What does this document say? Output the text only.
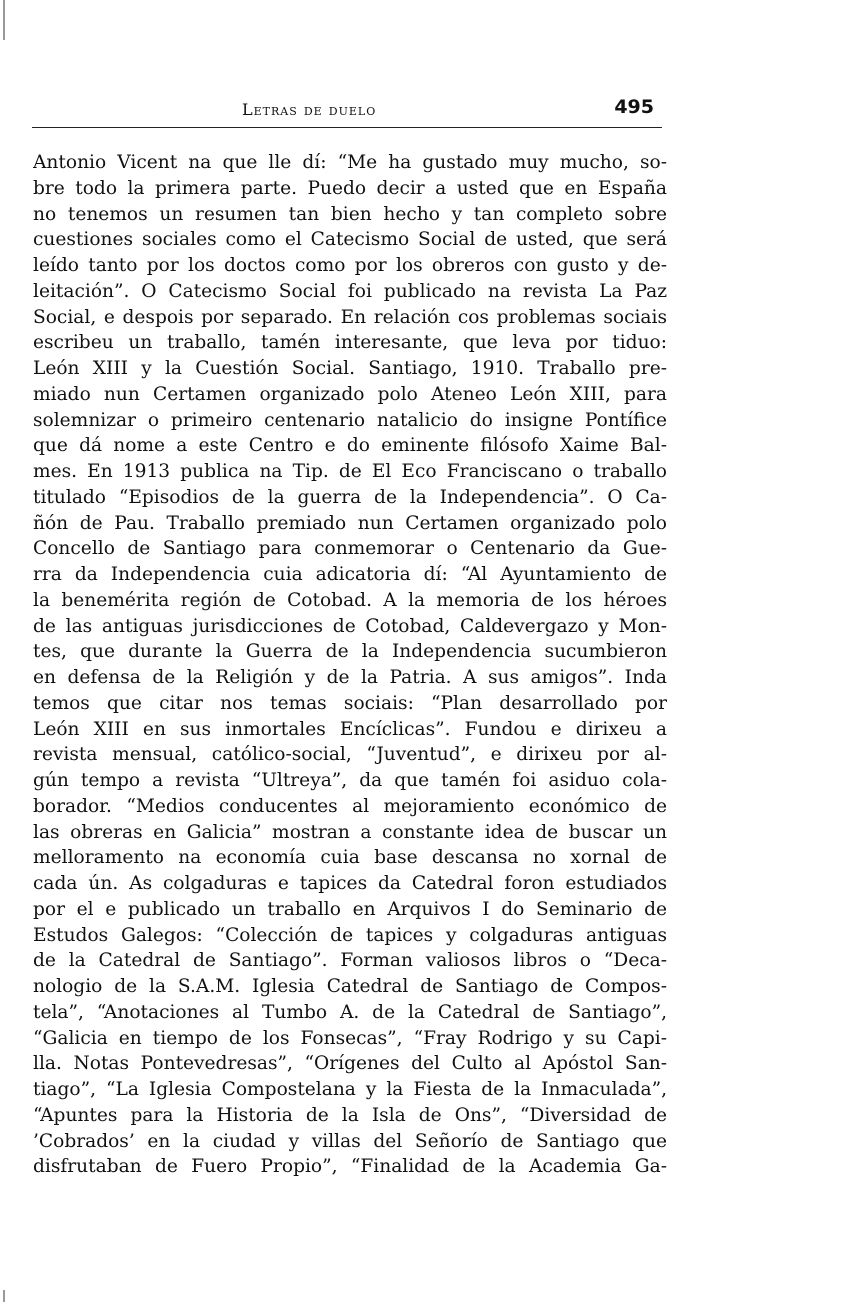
Letras de duelo	495
Antonio Vicent na que lle dí: “Me ha gustado muy mucho, so-
bre todo la primera parte. Puedo decir a usted que en España
no tenemos un resumen tan bien hecho y tan completo sobre
cuestiones sociales como el Catecismo Social de usted, que será
leído tanto por los doctos como por los obreros con gusto y de-
leitación”. O Catecismo Social foi publicado na revista La Paz
Social, e despois por separado. En relación cos problemas sociais
escribeu un traballo, tamén interesante, que leva por tiduo:
León XIII y la Cuestión Social. Santiago, 1910. Traballo pre-
miado nun Certamen organizado polo Ateneo León XIII, para
solemnizar o primeiro centenario natalicio do insigne Pontífice
que dá nome a este Centro e do eminente filósofo Xaime Bal-
mes. En 1913 publica na Tip. de El Eco Franciscano o traballo
titulado “Episodios de la guerra de la Independencia”. O Ca-
ñón de Pau. Traballo premiado nun Certamen organizado polo
Concello de Santiago para conmemorar o Centenario da Gue-
rra da Independencia cuia adicatoria dí: “Al Ayuntamiento de
la benemérita región de Cotobad. A la memoria de los héroes
de las antiguas jurisdicciones de Cotobad, Caldevergazo y Mon-
tes, que durante la Guerra de la Independencia sucumbieron
en defensa de la Religión y de la Patria. A sus amigos”. Inda
temos que citar nos temas sociais: “Plan desarrollado por
León XIII en sus inmortales Encíclicas”. Fundou e dirixeu a
revista mensual, católico-social, “Juventud”, e dirixeu por al-
gún tempo a revista “Ultreya”, da que tamén foi asiduo cola-
borador. “Medios conducentes al mejoramiento económico de
las obreras en Galicia” mostran a constante idea de buscar un
melloramento na economía cuia base descansa no xornal de
cada ún. As colgaduras e tapices da Catedral foron estudiados
por el e publicado un traballo en Arquivos I do Seminario de
Estudos Galegos: “Colección de tapices y colgaduras antiguas
de la Catedral de Santiago”. Forman valiosos libros o “Deca-
nologio de la S.A.M. Iglesia Catedral de Santiago de Compos-
tela”, “Anotaciones al Tumbo A. de la Catedral de Santiago”,
“Galicia en tiempo de los Fonsecas”, “Fray Rodrigo y su Capi-
lla. Notas Pontevedresas”, “Orígenes del Culto al Apóstol San-
tiago”, “La Iglesia Compostelana y la Fiesta de la Inmaculada”,
“Apuntes para la Historia de la Isla de Ons”, “Diversidad de
’Cobrados’ en la ciudad y villas del Señorío de Santiago que
disfrutaban de Fuero Propio”, “Finalidad de la Academia Ga-
